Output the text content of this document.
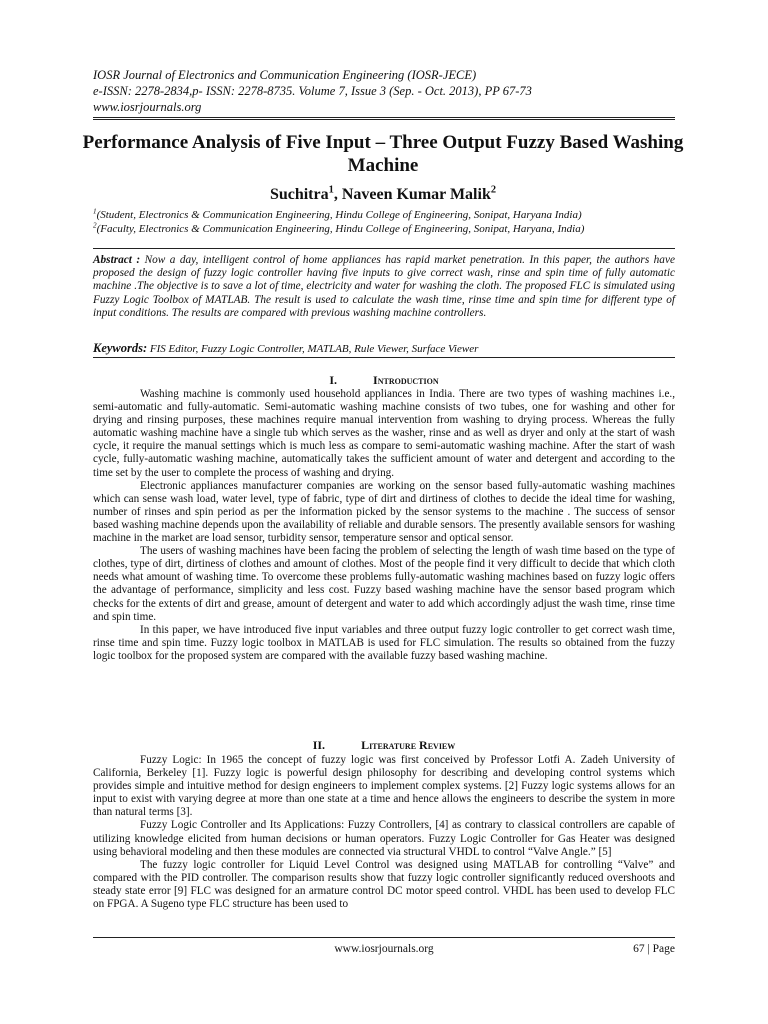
IOSR Journal of Electronics and Communication Engineering (IOSR-JECE)
e-ISSN: 2278-2834,p- ISSN: 2278-8735. Volume 7, Issue 3 (Sep. - Oct. 2013), PP 67-73
www.iosrjournals.org
Performance Analysis of Five Input – Three Output Fuzzy Based Washing Machine
Suchitra$^1$, Naveen Kumar Malik$^2$
$^1$(Student, Electronics & Communication Engineering, Hindu College of Engineering, Sonipat, Haryana India)
$^2$(Faculty, Electronics & Communication Engineering, Hindu College of Engineering, Sonipat, Haryana, India)
Abstract : Now a day, intelligent control of home appliances has rapid market penetration. In this paper, the authors have proposed the design of fuzzy logic controller having five inputs to give correct wash, rinse and spin time of fully automatic machine .The objective is to save a lot of time, electricity and water for washing the cloth. The proposed FLC is simulated using Fuzzy Logic Toolbox of MATLAB. The result is used to calculate the wash time, rinse time and spin time for different type of input conditions. The results are compared with previous washing machine controllers.
Keywords: FIS Editor, Fuzzy Logic Controller, MATLAB, Rule Viewer, Surface Viewer
I.	Introduction

Washing machine is commonly used household appliances in India. There are two types of washing machines i.e., semi-automatic and fully-automatic. Semi-automatic washing machine consists of two tubes, one for washing and other for drying and rinsing purposes, these machines require manual intervention from washing to drying process. Whereas the fully automatic washing machine have a single tub which serves as the washer, rinse and as well as dryer and only at the start of wash cycle, it require the manual settings which is much less as compare to semi-automatic washing machine. After the start of wash cycle, fully-automatic washing machine, automatically takes the sufficient amount of water and detergent and according to the time set by the user to complete the process of washing and drying.

Electronic appliances manufacturer companies are working on the sensor based fully-automatic washing machines which can sense wash load, water level, type of fabric, type of dirt and dirtiness of clothes to decide the ideal time for washing, number of rinses and spin period as per the information picked by the sensor systems to the machine . The success of sensor based washing machine depends upon the availability of reliable and durable sensors. The presently available sensors for washing machine in the market are load sensor, turbidity sensor, temperature sensor and optical sensor.

The users of washing machines have been facing the problem of selecting the length of wash time based on the type of clothes, type of dirt, dirtiness of clothes and amount of clothes. Most of the people find it very difficult to decide that which cloth needs what amount of washing time. To overcome these problems fully-automatic washing machines based on fuzzy logic offers the advantage of performance, simplicity and less cost. Fuzzy based washing machine have the sensor based program which checks for the extents of dirt and grease, amount of detergent and water to add which accordingly adjust the wash time, rinse time and spin time.

In this paper, we have introduced five input variables and three output fuzzy logic controller to get correct wash time, rinse time and spin time. Fuzzy logic toolbox in MATLAB is used for FLC simulation. The results so obtained from the fuzzy logic toolbox for the proposed system are compared with the available fuzzy based washing machine.

II.	Literature Review

Fuzzy Logic: In 1965 the concept of fuzzy logic was first conceived by Professor Lotfi A. Zadeh University of California, Berkeley [1]. Fuzzy logic is powerful design philosophy for describing and developing control systems which provides simple and intuitive method for design engineers to implement complex systems. [2] Fuzzy logic systems allows for an input to exist with varying degree at more than one state at a time and hence allows the engineers to describe the system in more than natural terms [3].

Fuzzy Logic Controller and Its Applications: Fuzzy Controllers, [4] as contrary to classical controllers are capable of utilizing knowledge elicited from human decisions or human operators. Fuzzy Logic Controller for Gas Heater was designed using behavioral modeling and then these modules are connected via structural VHDL to control “Valve Angle.” [5]

The fuzzy logic controller for Liquid Level Control was designed using MATLAB for controlling “Valve” and compared with the PID controller. The comparison results show that fuzzy logic controller significantly reduced overshoots and steady state error [9] FLC was designed for an armature control DC motor speed control. VHDL has been used to develop FLC on FPGA. A Sugeno type FLC structure has been used to

www.iosrjournals.org	67 | Page
